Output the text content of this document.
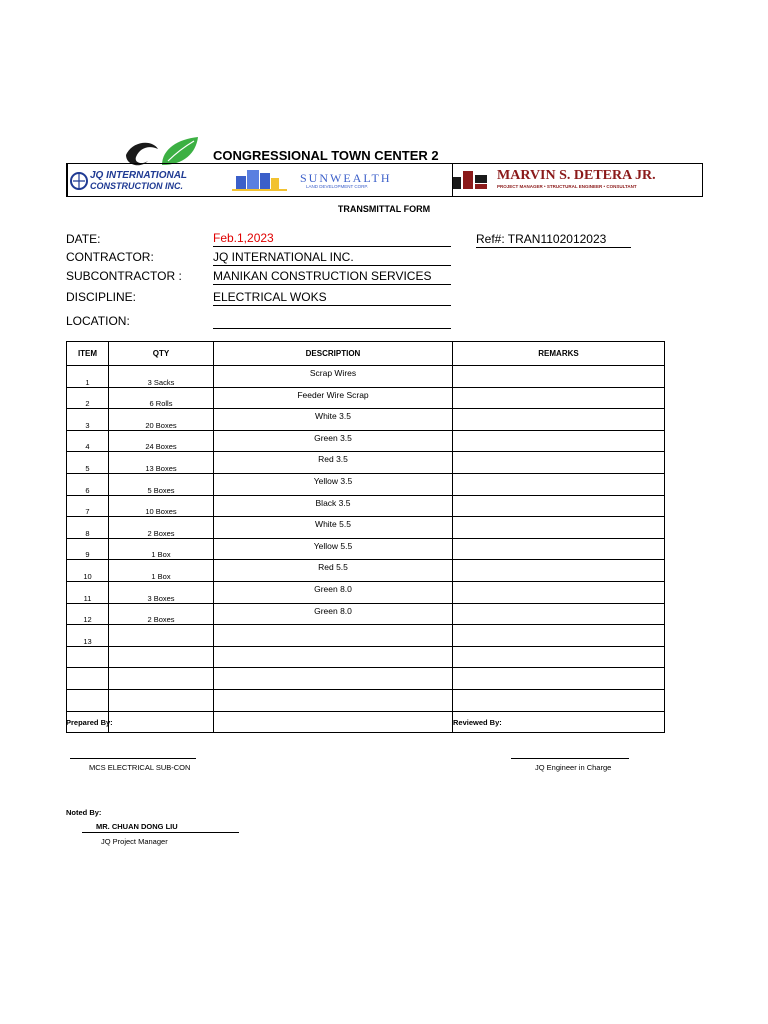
CONGRESSIONAL TOWN CENTER 2
JQ INTERNATIONAL
CONSTRUCTION INC.
SUNWEALTH
LAND DEVELOPMENT CORP.
MARVIN S. DETERA JR.
PROJECT MANAGER • STRUCTURAL ENGINEER • CONSULTANT
TRANSMITTAL FORM
DATE:	Feb.1,2023	Ref#: TRAN1102012023
CONTRACTOR:	JQ INTERNATIONAL INC.
SUBCONTRACTOR :	MANIKAN CONSTRUCTION SERVICES
DISCIPLINE:	ELECTRICAL WOKS
LOCATION:
ITEM	QTY	DESCRIPTION	REMARKS
1	3 Sacks	Scrap Wires	
2	6 Rolls	Feeder Wire Scrap	
3	20 Boxes	White 3.5	
4	24 Boxes	Green 3.5	
5	13 Boxes	Red 3.5	
6	5 Boxes	Yellow 3.5	
7	10 Boxes	Black 3.5	
8	2 Boxes	White 5.5	
9	1 Box	Yellow 5.5	
10	1 Box	Red 5.5	
11	3 Boxes	Green 8.0	
12	2 Boxes	Green 8.0	
13			

Prepared By:
MCS ELECTRICAL SUB-CON
Reviewed By:
JQ Engineer in Charge
Noted By:
MR. CHUAN DONG LIU
JQ Project Manager
